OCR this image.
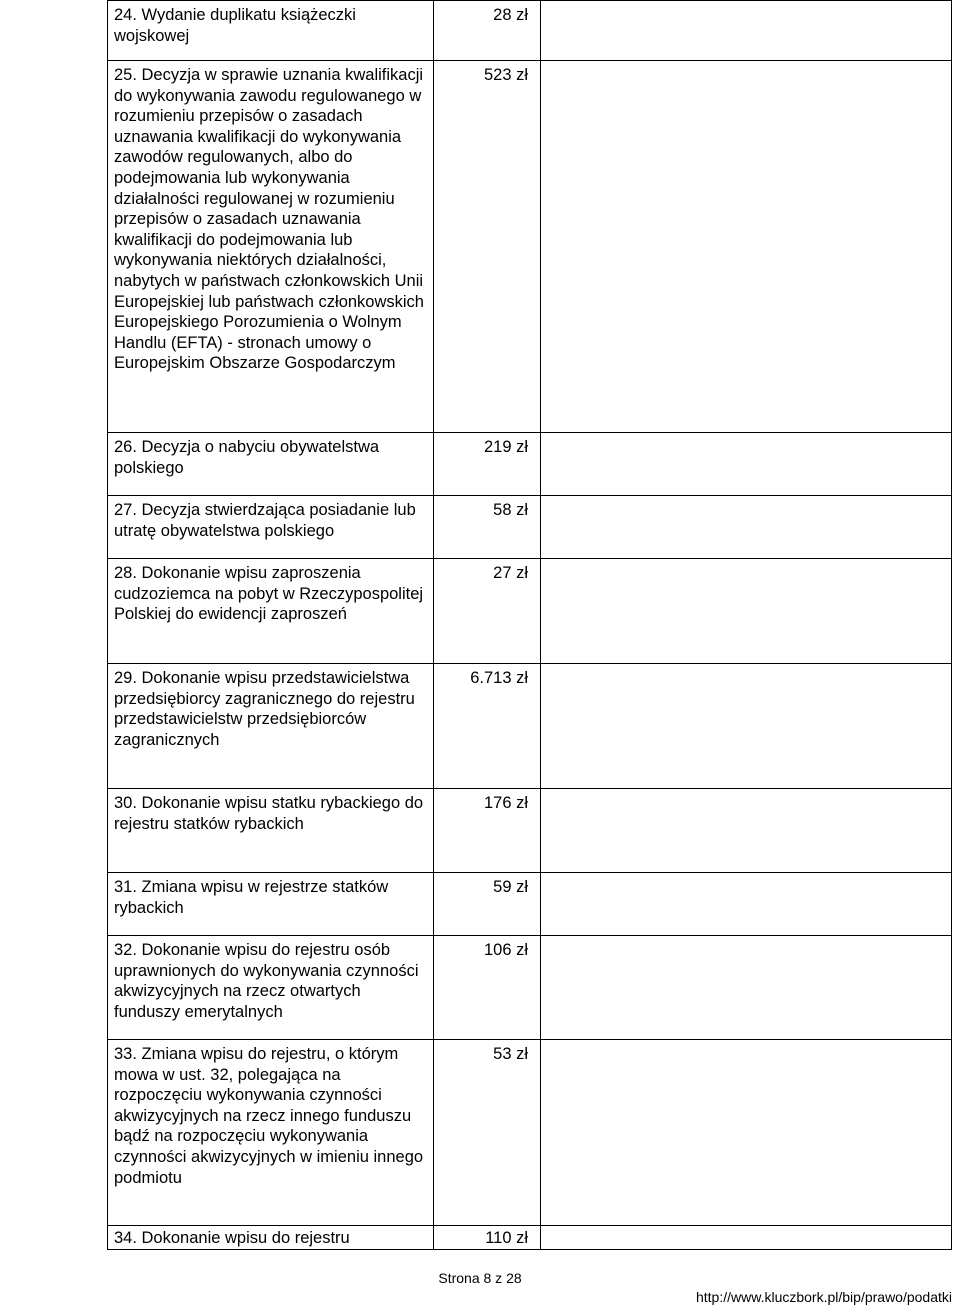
24. Wydanie duplikatu książeczki wojskowej	28 zł	

25. Decyzja w sprawie uznania kwalifikacji do wykonywania zawodu regulowanego w rozumieniu przepisów o zasadach uznawania kwalifikacji do wykonywania zawodów regulowanych, albo do podejmowania lub wykonywania działalności regulowanej w rozumieniu przepisów o zasadach uznawania kwalifikacji do podejmowania lub wykonywania niektórych działalności, nabytych w państwach członkowskich Unii Europejskiej lub państwach członkowskich Europejskiego Porozumienia o Wolnym Handlu (EFTA) - stronach umowy o Europejskim Obszarze Gospodarczym	523 zł	

26. Decyzja o nabyciu obywatelstwa polskiego	219 zł	

27. Decyzja stwierdzająca posiadanie lub utratę obywatelstwa polskiego	58 zł	

28. Dokonanie wpisu zaproszenia cudzoziemca na pobyt w Rzeczypospolitej Polskiej do ewidencji zaproszeń	27 zł	

29. Dokonanie wpisu przedstawicielstwa przedsiębiorcy zagranicznego do rejestru przedstawicielstw przedsiębiorców zagranicznych	6.713 zł	

30. Dokonanie wpisu statku rybackiego do rejestru statków rybackich	176 zł	

31. Zmiana wpisu w rejestrze statków rybackich	59 zł	

32. Dokonanie wpisu do rejestru osób uprawnionych do wykonywania czynności akwizycyjnych na rzecz otwartych funduszy emerytalnych	106 zł	

33. Zmiana wpisu do rejestru, o którym mowa w ust. 32, polegająca na rozpoczęciu wykonywania czynności akwizycyjnych na rzecz innego funduszu bądź na rozpoczęciu wykonywania czynności akwizycyjnych w imieniu innego podmiotu	53 zł	

34. Dokonanie wpisu do rejestru	110 zł	

Strona 8 z 28
http://www.kluczbork.pl/bip/prawo/podatki
